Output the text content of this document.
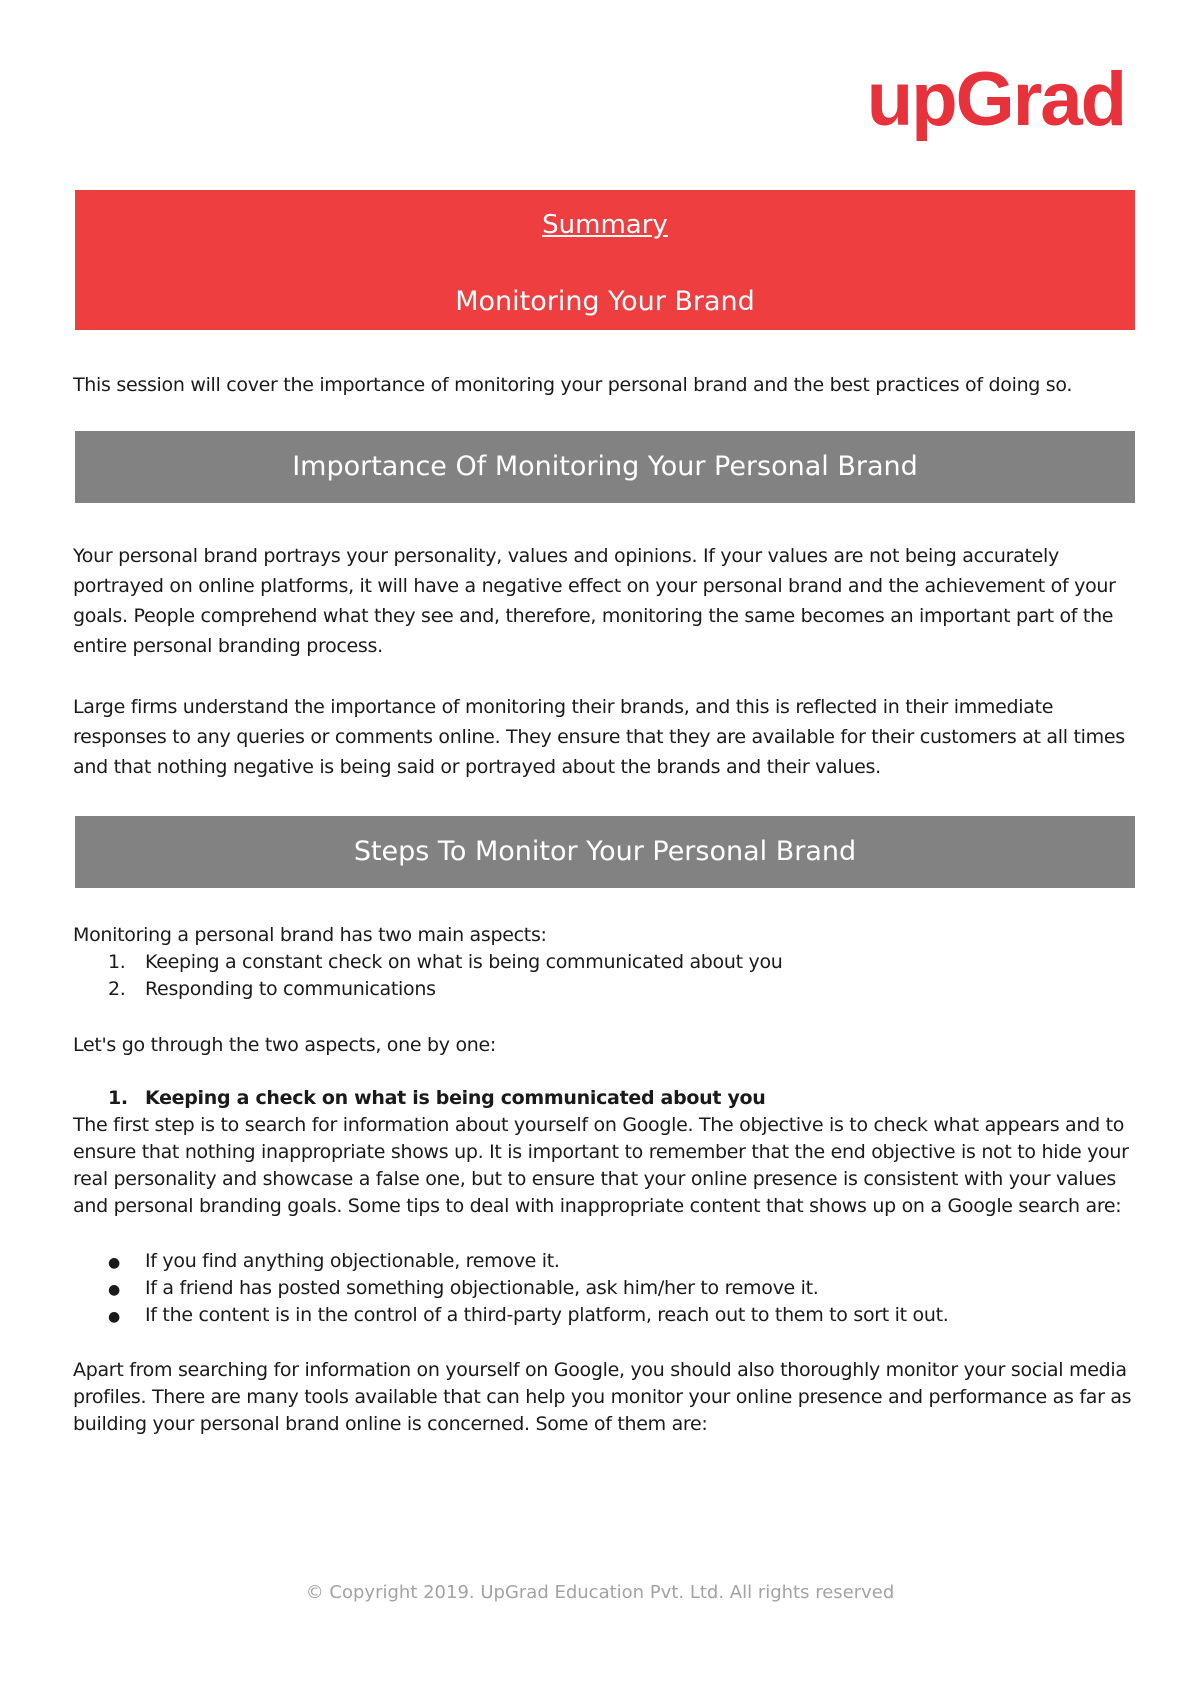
upGrad
Summary
Monitoring Your Brand

This session will cover the importance of monitoring your personal brand and the best practices of doing so.

Importance Of Monitoring Your Personal Brand

Your personal brand portrays your personality, values and opinions. If your values are not being accurately portrayed on online platforms, it will have a negative effect on your personal brand and the achievement of your goals. People comprehend what they see and, therefore, monitoring the same becomes an important part of the entire personal branding process.

Large firms understand the importance of monitoring their brands, and this is reflected in their immediate responses to any queries or comments online. They ensure that they are available for their customers at all times and that nothing negative is being said or portrayed about the brands and their values.

Steps To Monitor Your Personal Brand

Monitoring a personal brand has two main aspects:

1. Keeping a constant check on what is being communicated about you
2. Responding to communications

Let's go through the two aspects, one by one:

1. Keeping a check on what is being communicated about you

The first step is to search for information about yourself on Google. The objective is to check what appears and to ensure that nothing inappropriate shows up. It is important to remember that the end objective is not to hide your real personality and showcase a false one, but to ensure that your online presence is consistent with your values and personal branding goals. Some tips to deal with inappropriate content that shows up on a Google search are:

● If you find anything objectionable, remove it.
● If a friend has posted something objectionable, ask him/her to remove it.
● If the content is in the control of a third-party platform, reach out to them to sort it out.

Apart from searching for information on yourself on Google, you should also thoroughly monitor your social media profiles. There are many tools available that can help you monitor your online presence and performance as far as building your personal brand online is concerned. Some of them are:

© Copyright 2019. UpGrad Education Pvt. Ltd. All rights reserved
